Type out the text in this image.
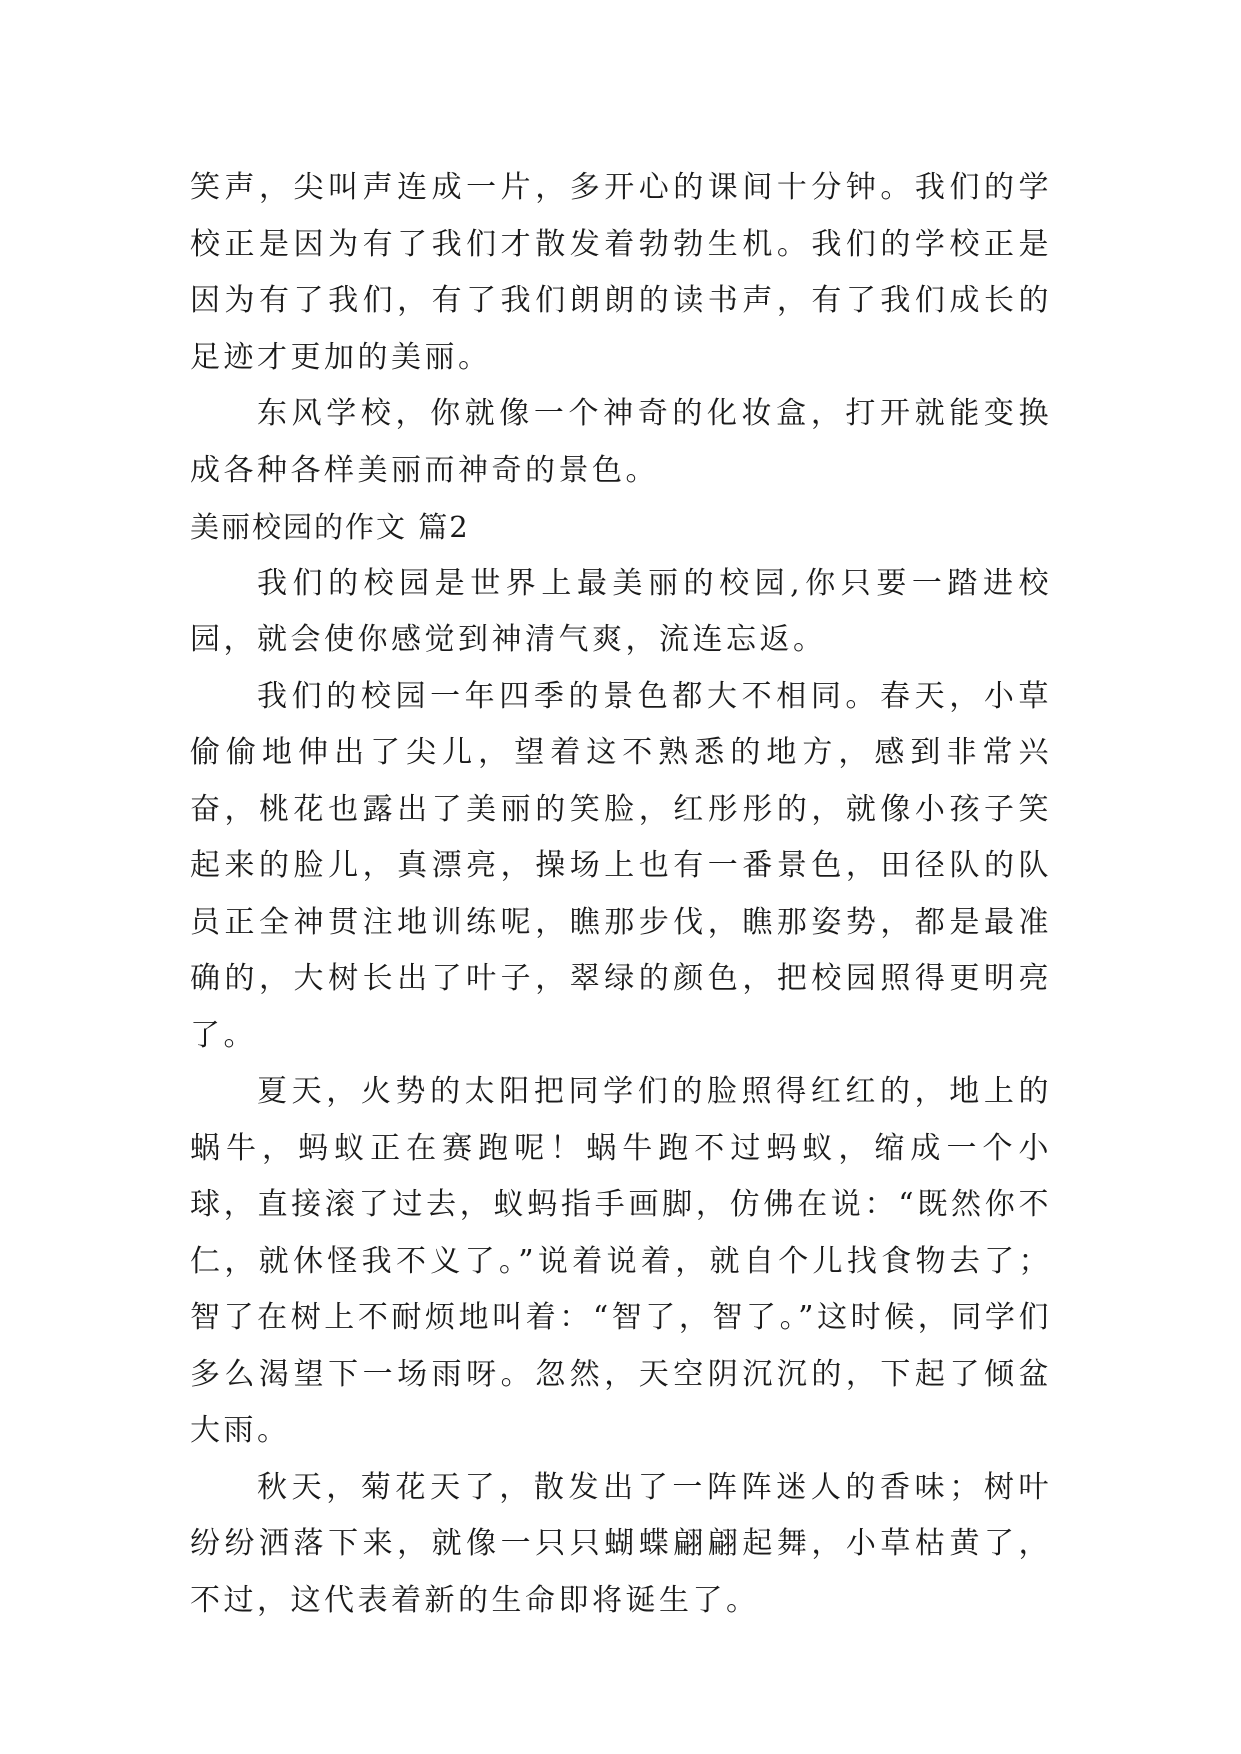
笑声，尖叫声连成一片，多开心的课间十分钟。我们的学校正是因为有了我们才散发着勃勃生机。我们的学校正是因为有了我们，有了我们朗朗的读书声，有了我们成长的足迹才更加的美丽。

东风学校，你就像一个神奇的化妆盒，打开就能变换成各种各样美丽而神奇的景色。

美丽校园的作文 篇2

我们的校园是世界上最美丽的校园,你只要一踏进校园，就会使你感觉到神清气爽，流连忘返。

我们的校园一年四季的景色都大不相同。春天，小草偷偷地伸出了尖儿，望着这不熟悉的地方，感到非常兴奋，桃花也露出了美丽的笑脸，红彤彤的，就像小孩子笑起来的脸儿，真漂亮，操场上也有一番景色，田径队的队员正全神贯注地训练呢，瞧那步伐，瞧那姿势，都是最准确的，大树长出了叶子，翠绿的颜色，把校园照得更明亮了。

夏天，火势的太阳把同学们的脸照得红红的，地上的蜗牛，蚂蚁正在赛跑呢！蜗牛跑不过蚂蚁，缩成一个小球，直接滚了过去，蚁蚂指手画脚，仿佛在说：“既然你不仁，就休怪我不义了。”说着说着，就自个儿找食物去了；智了在树上不耐烦地叫着：“智了，智了。”这时候，同学们多么渴望下一场雨呀。忽然，天空阴沉沉的，下起了倾盆大雨。

秋天，菊花天了，散发出了一阵阵迷人的香味；树叶纷纷洒落下来，就像一只只蝴蝶翩翩起舞，小草枯黄了，不过，这代表着新的生命即将诞生了。
